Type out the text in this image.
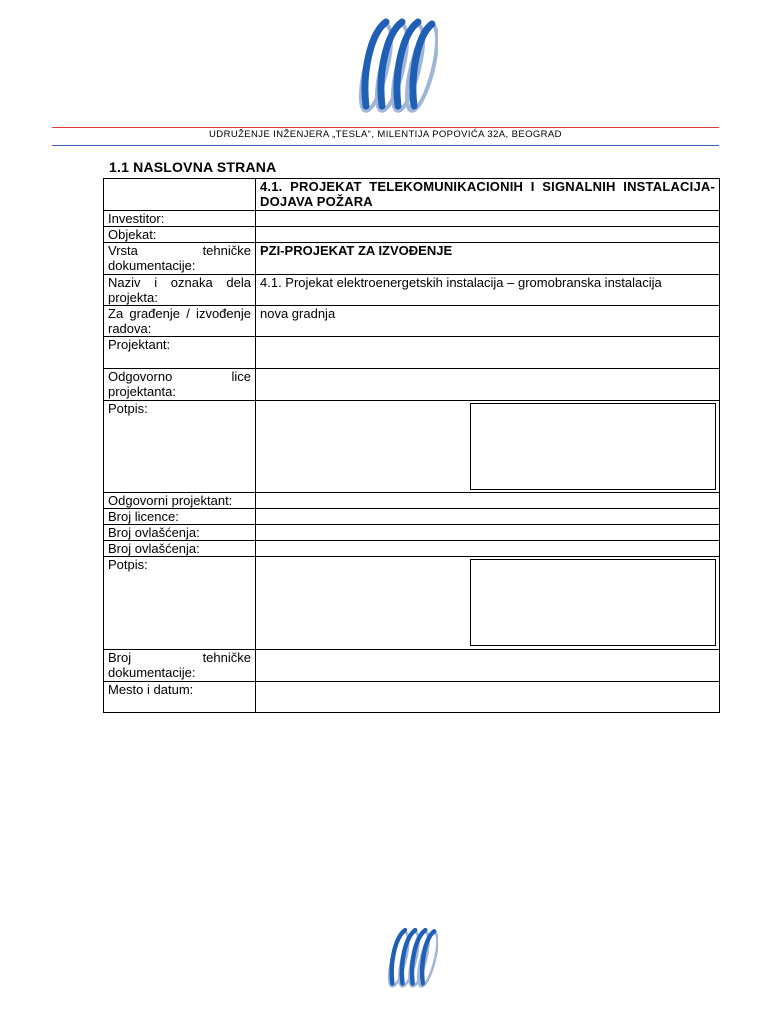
UDRUŽENJE INŽENJERA „TESLA“, MILENTIJA POPOVIĆA 32A, BEOGRAD
1.1 NASLOVNA STRANA
	4.1. PROJEKAT TELEKOMUNIKACIONIH I SIGNALNIH INSTALACIJA-DOJAVA POŽARA
Investitor:	
Objekat:	
Vrsta tehničke dokumentacije:	PZI-PROJEKAT ZA IZVOĐENJE
Naziv i oznaka dela projekta:	4.1. Projekat elektroenergetskih instalacija – gromobranska instalacija
Za građenje / izvođenje radova:	nova gradnja
Projektant:	
Odgovorno lice projektanta:	
Potpis:	

Odgovorni projektant:	
Broj licence:	
Broj ovlašćenja:	
Broj ovlašćenja:	
Potpis:	

Broj tehničke dokumentacije:	
Mesto i datum:	
